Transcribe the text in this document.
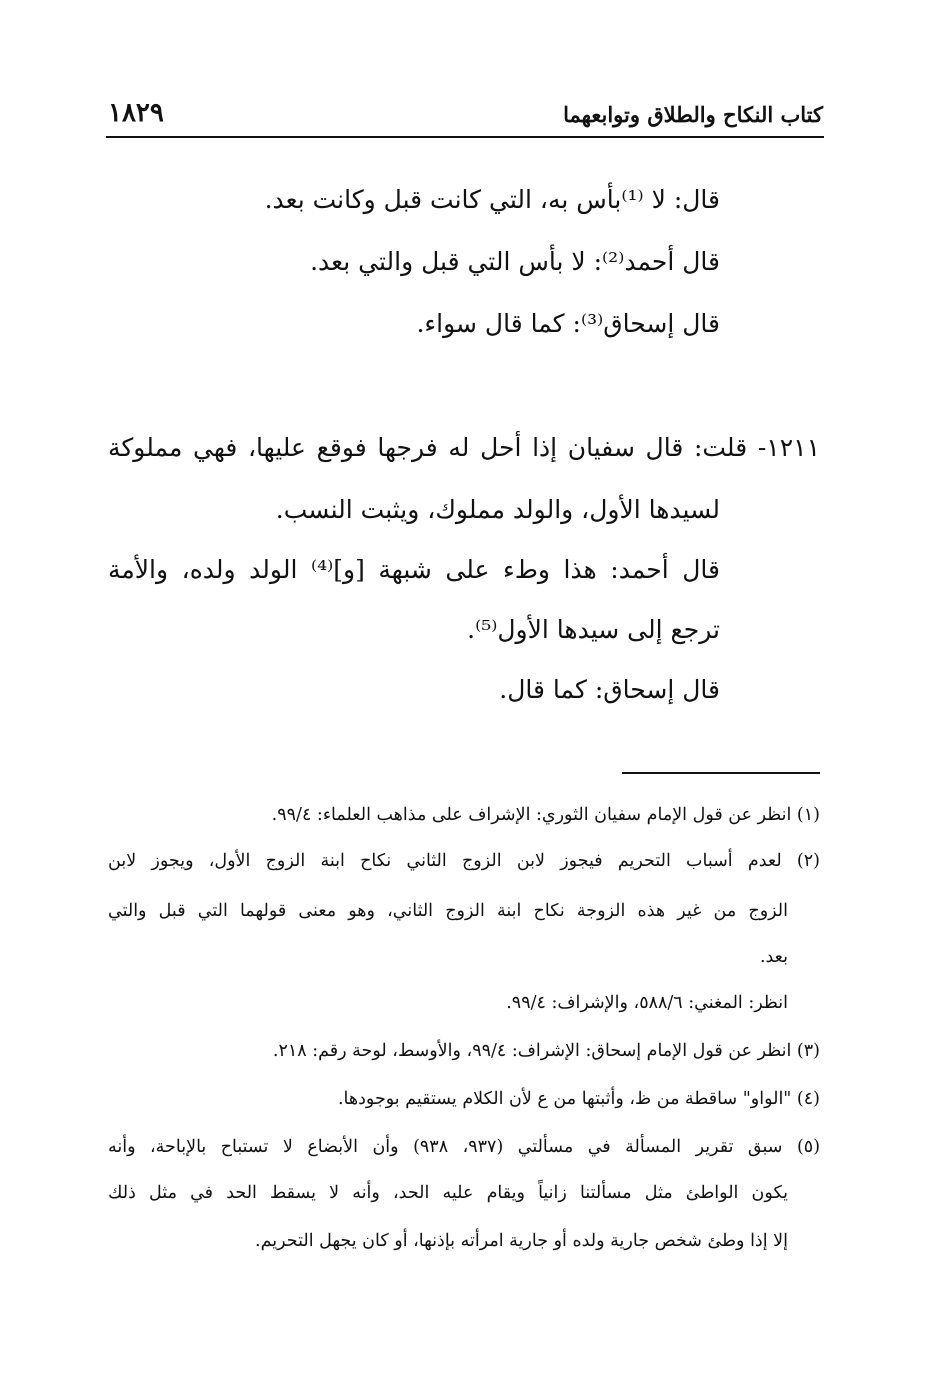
كتاب النكاح والطلاق وتوابعهما
١٨٢٩
قال: لا ⁽¹⁾بأس به، التي كانت قبل وكانت بعد.
قال أحمد⁽²⁾: لا بأس التي قبل والتي بعد.
قال إسحاق⁽³⁾: كما قال سواء.
١٢١١- قلت: قال سفيان إذا أحل له فرجها فوقع عليها، فهي مملوكة
لسيدها الأول، والولد مملوك، ويثبت النسب.
قال أحمد: هذا وطء على شبهة [و]⁽⁴⁾ الولد ولده، والأمة
ترجع إلى سيدها الأول⁽⁵⁾.
قال إسحاق: كما قال.
(١) انظر عن قول الإمام سفيان الثوري: الإشراف على مذاهب العلماء: ٩٩/٤.
(٢) لعدم أسباب التحريم فيجوز لابن الزوج الثاني نكاح ابنة الزوج الأول، ويجوز لابن
الزوج من غير هذه الزوجة نكاح ابنة الزوج الثاني، وهو معنى قولهما التي قبل والتي
بعد.
انظر: المغني: ٥٨٨/٦، والإشراف: ٩٩/٤.
(٣) انظر عن قول الإمام إسحاق: الإشراف: ٩٩/٤، والأوسط، لوحة رقم: ٢١٨.
(٤) "الواو" ساقطة من ظ، وأثبتها من ع لأن الكلام يستقيم بوجودها.
(٥) سبق تقرير المسألة في مسألتي (٩٣٧، ٩٣٨) وأن الأبضاع لا تستباح بالإباحة، وأنه
يكون الواطئ مثل مسألتنا زانياً ويقام عليه الحد، وأنه لا يسقط الحد في مثل ذلك
إلا إذا وطئ شخص جارية ولده أو جارية امرأته بإذنها، أو كان يجهل التحريم.
